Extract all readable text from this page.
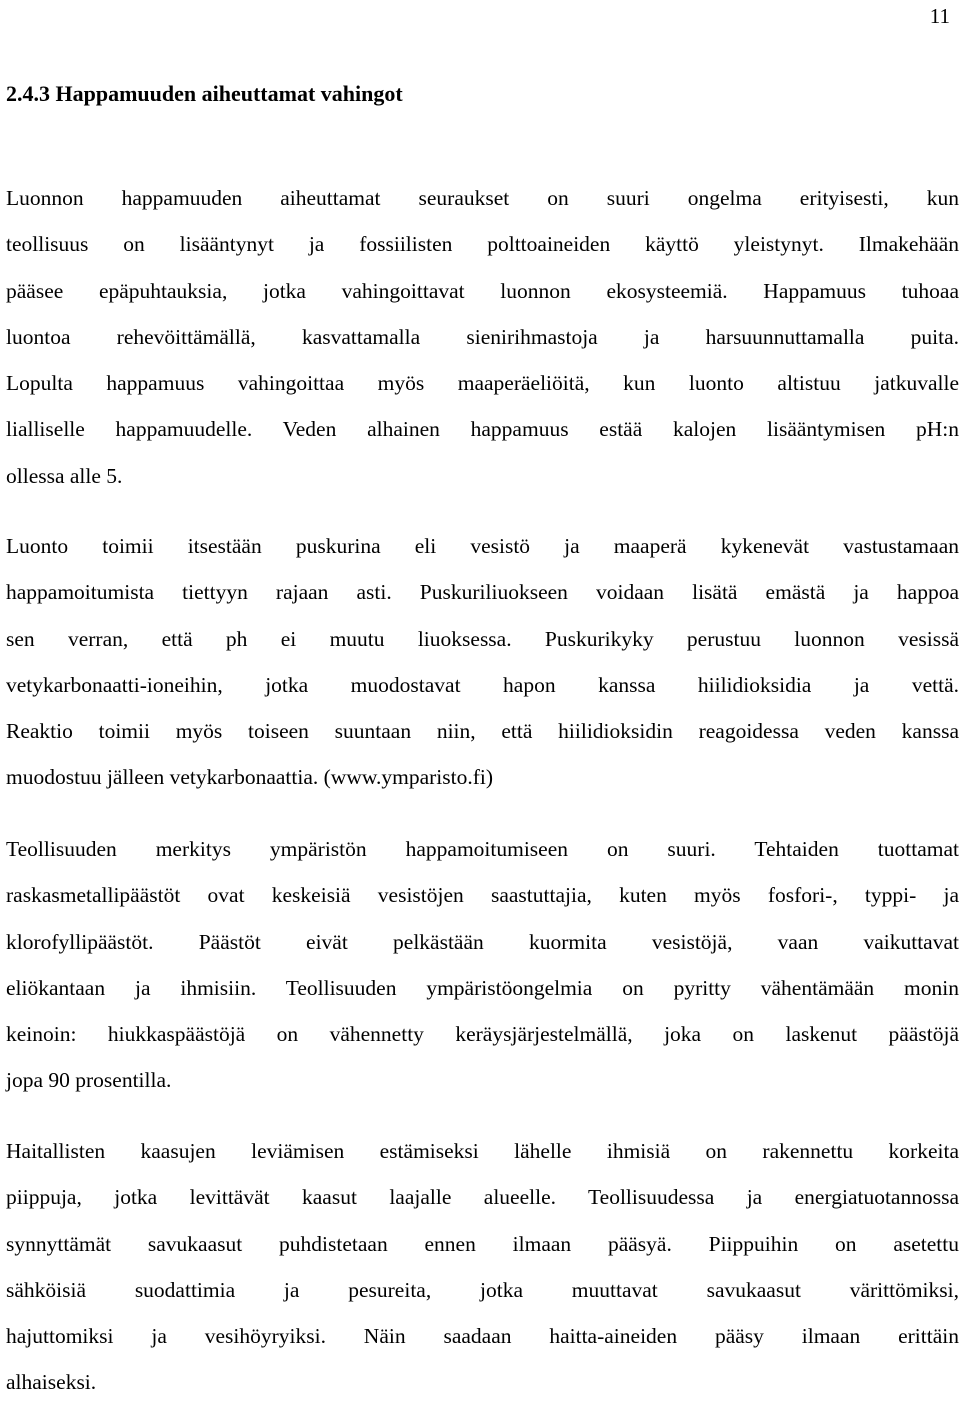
11
2.4.3 Happamuuden aiheuttamat vahingot
Luonnon happamuuden aiheuttamat seuraukset on suuri ongelma erityisesti, kun
teollisuus on lisääntynyt ja fossiilisten polttoaineiden käyttö yleistynyt. Ilmakehään
pääsee epäpuhtauksia, jotka vahingoittavat luonnon ekosysteemiä. Happamuus tuhoaa
luontoa rehevöittämällä, kasvattamalla sienirihmastoja ja harsuunnuttamalla puita.
Lopulta happamuus vahingoittaa myös maaperäeliöitä, kun luonto altistuu jatkuvalle
lialliselle happamuudelle. Veden alhainen happamuus estää kalojen lisääntymisen pH:n
ollessa alle 5.
Luonto toimii itsestään puskurina eli vesistö ja maaperä kykenevät vastustamaan
happamoitumista tiettyyn rajaan asti. Puskuriliuokseen voidaan lisätä emästä ja happoa
sen verran, että ph ei muutu liuoksessa. Puskurikyky perustuu luonnon vesissä
vetykarbonaatti-ioneihin, jotka muodostavat hapon kanssa hiilidioksidia ja vettä.
Reaktio toimii myös toiseen suuntaan niin, että hiilidioksidin reagoidessa veden kanssa
muodostuu jälleen vetykarbonaattia. (www.ymparisto.fi)
Teollisuuden merkitys ympäristön happamoitumiseen on suuri. Tehtaiden tuottamat
raskasmetallipäästöt ovat keskeisiä vesistöjen saastuttajia, kuten myös fosfori-, typpi- ja
klorofyllipäästöt. Päästöt eivät pelkästään kuormita vesistöjä, vaan vaikuttavat
eliökantaan ja ihmisiin. Teollisuuden ympäristöongelmia on pyritty vähentämään monin
keinoin: hiukkaspäästöjä on vähennetty keräysjärjestelmällä, joka on laskenut päästöjä
jopa 90 prosentilla.
Haitallisten kaasujen leviämisen estämiseksi lähelle ihmisiä on rakennettu korkeita
piippuja, jotka levittävät kaasut laajalle alueelle. Teollisuudessa ja energiatuotannossa
synnyttämät savukaasut puhdistetaan ennen ilmaan pääsyä. Piippuihin on asetettu
sähköisiä suodattimia ja pesureita, jotka muuttavat savukaasut värittömiksi,
hajuttomiksi ja vesihöyryiksi. Näin saadaan haitta-aineiden pääsy ilmaan erittäin
alhaiseksi.
